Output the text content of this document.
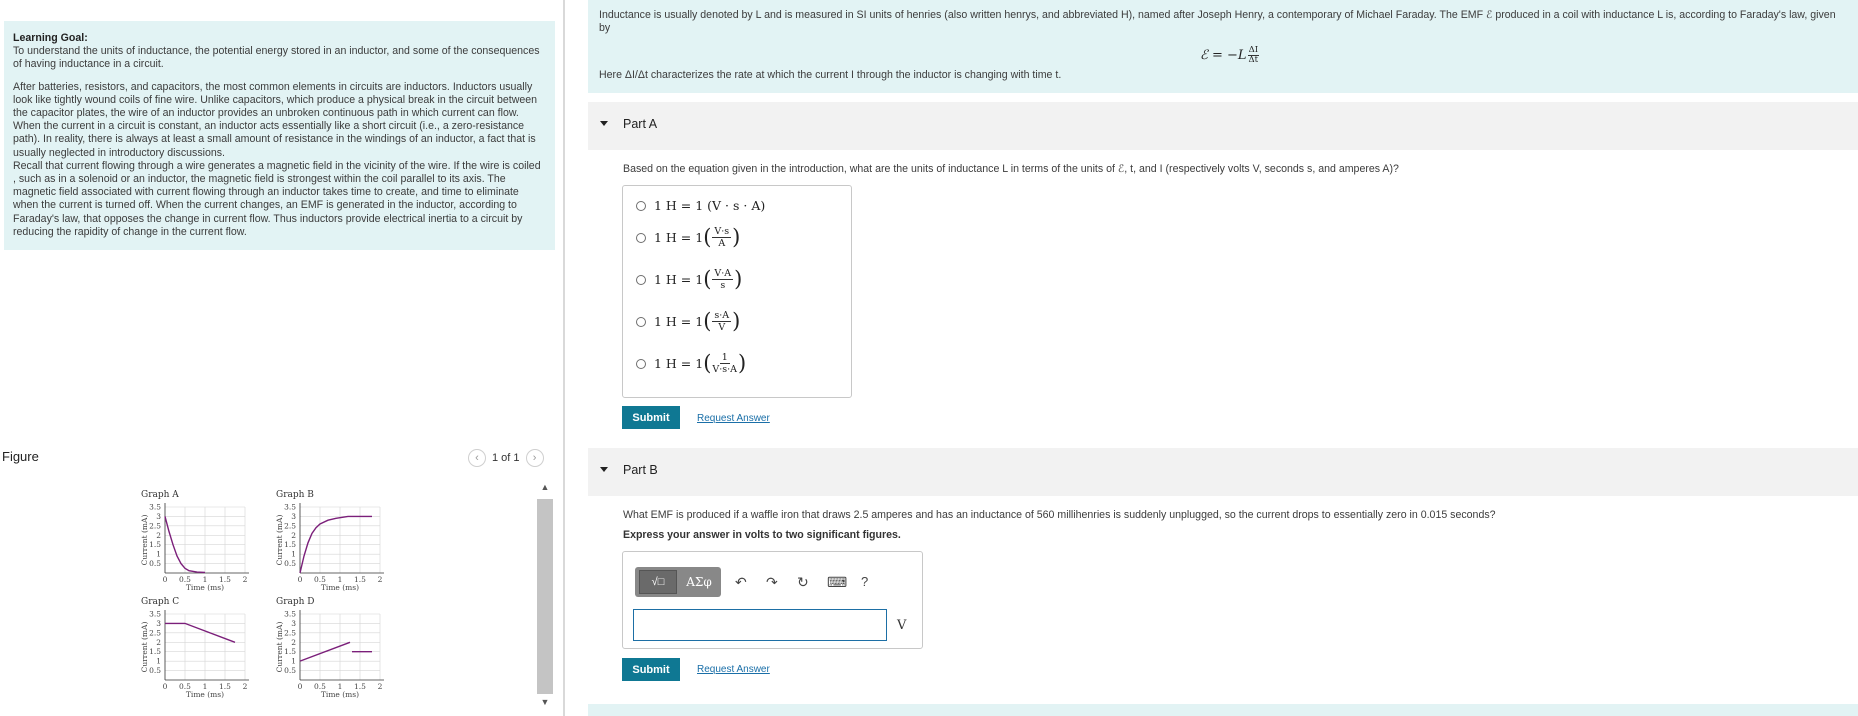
Learning Goal:

To understand the units of inductance, the potential energy stored in an inductor, and some of the consequences of having inductance in a circuit.

After batteries, resistors, and capacitors, the most common elements in circuits are inductors. Inductors usually look like tightly wound coils of fine wire. Unlike capacitors, which produce a physical break in the circuit between the capacitor plates, the wire of an inductor provides an unbroken continuous path in which current can flow. When the current in a circuit is constant, an inductor acts essentially like a short circuit (i.e., a zero-resistance path). In reality, there is always at least a small amount of resistance in the windings of an inductor, a fact that is usually neglected in introductory discussions.

Recall that current flowing through a wire generates a magnetic field in the vicinity of the wire. If the wire is coiled , such as in a solenoid or an inductor, the magnetic field is strongest within the coil parallel to its axis. The magnetic field associated with current flowing through an inductor takes time to create, and time to eliminate when the current is turned off. When the current changes, an EMF is generated in the inductor, according to Faraday's law, that opposes the change in current flow. Thus inductors provide electrical inertia to a circuit by reducing the rapidity of change in the current flow.

Figure	‹	1 of 1	›
Graph A
0 0.5 1 1.5 2
0.5
1
1.5
2
2.5
3
3.5
Time (ms)
Current (mA)
Graph B
0 0.5 1 1.5 2
0.5
1
1.5
2
2.5
3
3.5
Time (ms)
Current (mA)
Graph C
0 0.5 1 1.5 2
0.5
1
1.5
2
2.5
3
3.5
Time (ms)
Current (mA)
Graph D
0 0.5 1 1.5 2
0.5
1
1.5
2
2.5
3
3.5
Time (ms)
Current (mA)
▲
▼

Inductance is usually denoted by L and is measured in SI units of henries (also written henrys, and abbreviated H), named after Joseph Henry, a contemporary of Michael Faraday. The EMF ℰ produced in a coil with inductance L is, according to Faraday's law, given by

ℰ = $-L \frac{\Delta I}{\Delta t}$

Here ΔI/Δt characterizes the rate at which the current I through the inductor is changing with time t.

Part A
Based on the equation given in the introduction, what are the units of inductance L in terms of the units of ℰ, t, and I (respectively volts V, seconds s, and amperes A)?
1 H = 1 (V · s · A)
1 H = 1 ( V·s
A )
1 H = 1 ( V·A
s )
1 H = 1 ( s·A
V )
1 H = 1 ( 1
V·s·A )
Submit	Request Answer
Part B
What EMF is produced if a waffle iron that draws 2.5 amperes and has an inductance of 560 millihenries is suddenly unplugged, so the current drops to essentially zero in 0.015 seconds?
Express your answer in volts to two significant figures.
√□	ΑΣφ	↶ ↷ ↻ ⌨ ?
V
Submit	Request Answer
